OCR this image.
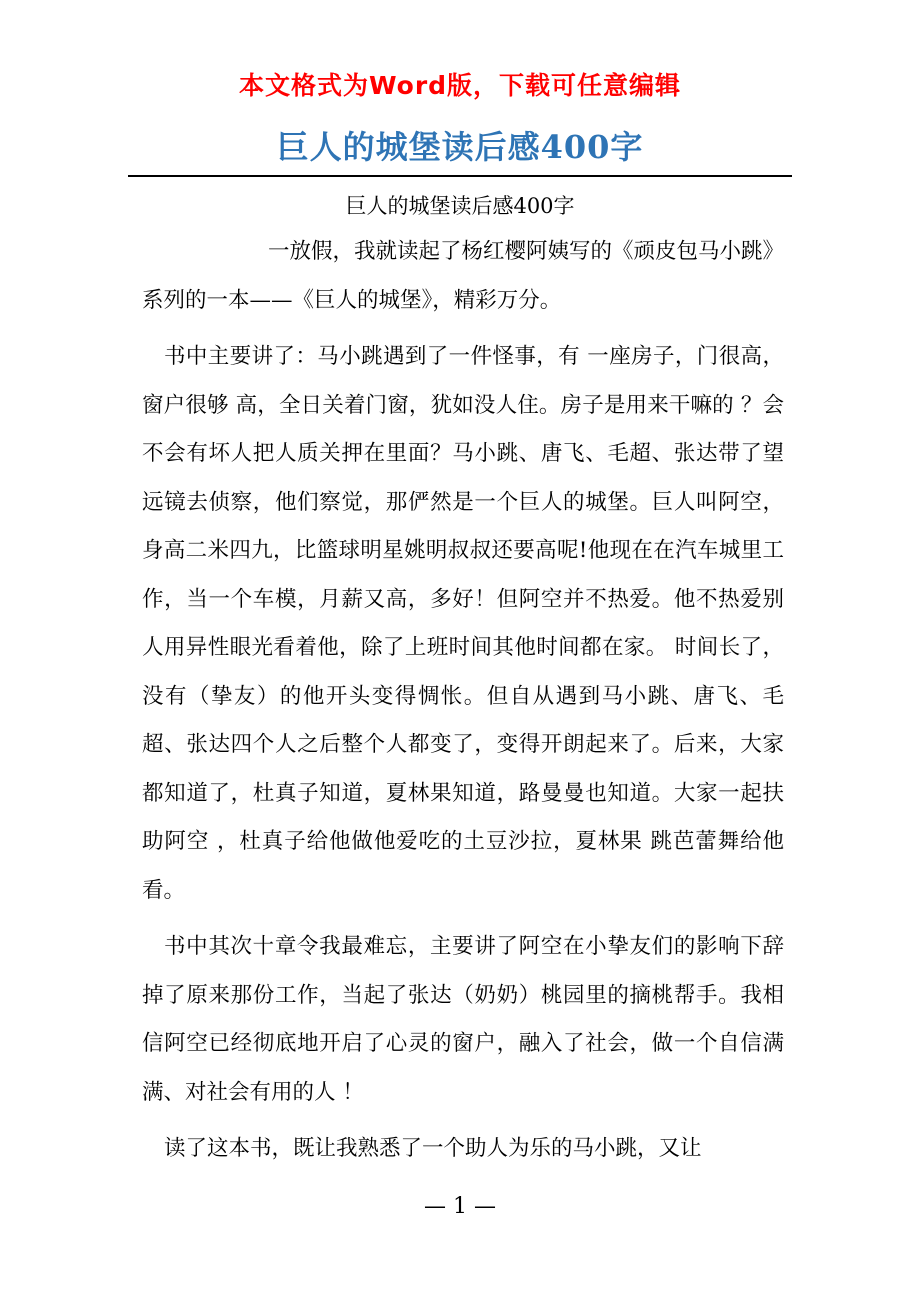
本文格式为Word版，下载可任意编辑
巨人的城堡读后感400字
巨人的城堡读后感400字

一放假，我就读起了杨红樱阿姨写的《顽皮包马小跳》系列的一本——《巨人的城堡》，精彩万分。

书中主要讲了：马小跳遇到了一件怪事，有 一座房子，门很高，窗户很够 高，全日关着门窗，犹如没人住。房子是用来干嘛的 ？会不会有坏人把人质关押在里面？马小跳、唐飞、毛超、张达带了望远镜去侦察，他们察觉，那俨然是一个巨人的城堡。巨人叫阿空，身高二米四九，比篮球明星姚明叔叔还要高呢!他现在在汽车城里工作，当一个车模，月薪又高，多好！但阿空并不热爱。他不热爱别人用异性眼光看着他，除了上班时间其他时间都在家。 时间长了，没有（挚友）的他开头变得惆怅。但自从遇到马小跳、唐飞、毛超、张达四个人之后整个人都变了，变得开朗起来了。后来，大家都知道了，杜真子知道，夏林果知道，路曼曼也知道。大家一起扶助阿空 ，杜真子给他做他爱吃的土豆沙拉，夏林果 跳芭蕾舞给他看。

书中其次十章令我最难忘，主要讲了阿空在小挚友们的影响下辞掉了原来那份工作，当起了张达（奶奶）桃园里的摘桃帮手。我相信阿空已经彻底地开启了心灵的窗户，融入了社会，做一个自信满满、对社会有用的人 ！

读了这本书，既让我熟悉了一个助人为乐的马小跳，又让

— 1 —
